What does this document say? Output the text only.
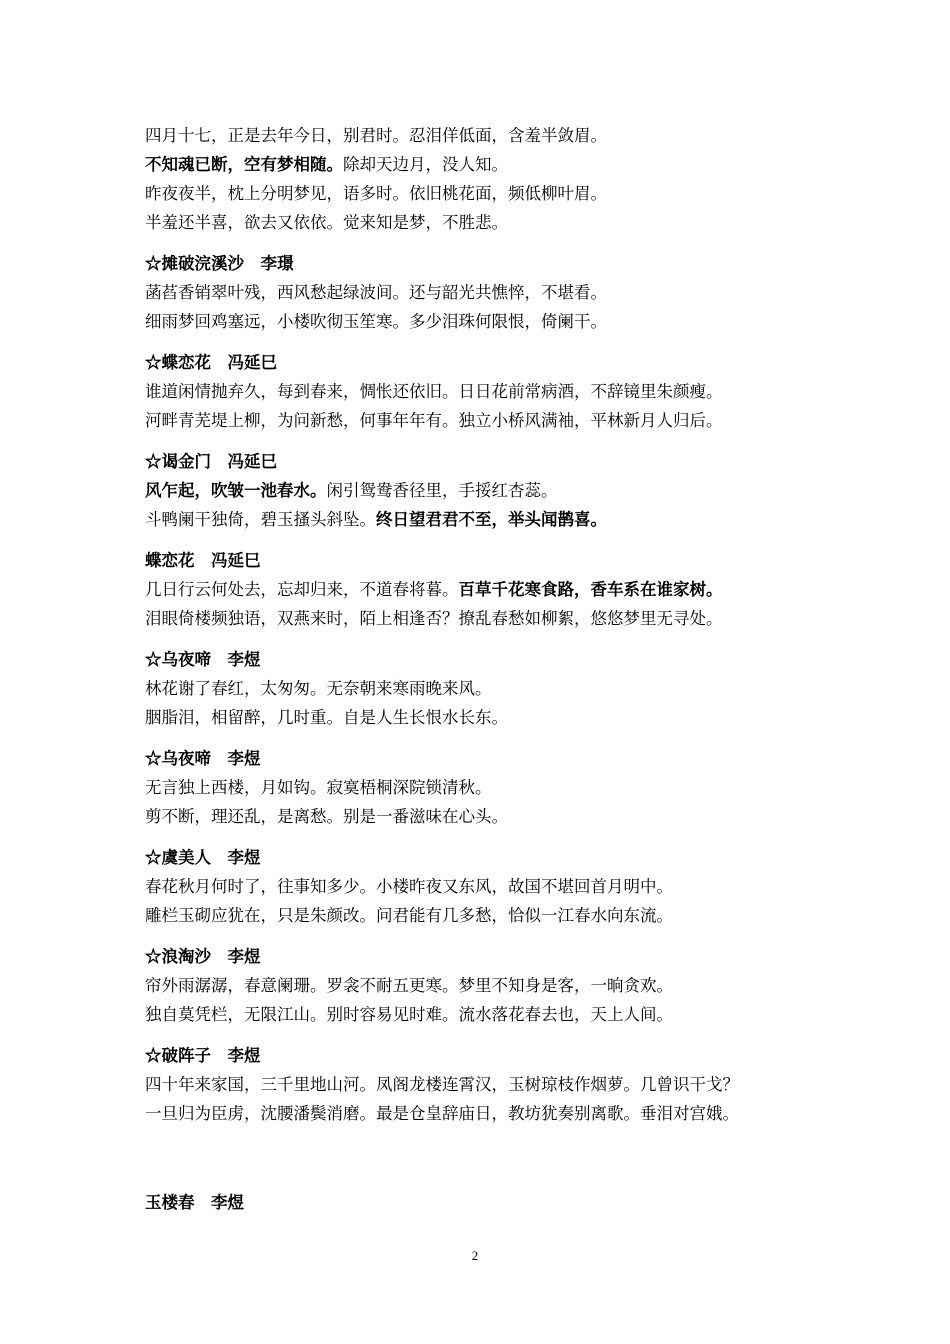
四月十七，正是去年今日，别君时。忍泪佯低面，含羞半敛眉。
不知魂已断，空有梦相随。除却天边月，没人知。
昨夜夜半，枕上分明梦见，语多时。依旧桃花面，频低柳叶眉。
半羞还半喜，欲去又依依。觉来知是梦，不胜悲。
☆摊破浣溪沙　李璟
菡萏香销翠叶残，西风愁起绿波间。还与韶光共憔悴，不堪看。
细雨梦回鸡塞远，小楼吹彻玉笙寒。多少泪珠何限恨，倚阑干。
☆蝶恋花　冯延巳
谁道闲情抛弃久，每到春来，惆怅还依旧。日日花前常病酒，不辞镜里朱颜瘦。
河畔青芜堤上柳，为问新愁，何事年年有。独立小桥风满袖，平林新月人归后。
☆谒金门　冯延巳
风乍起，吹皱一池春水。闲引鸳鸯香径里，手挼红杏蕊。
斗鸭阑干独倚，碧玉搔头斜坠。终日望君君不至，举头闻鹊喜。
蝶恋花　冯延巳
几日行云何处去，忘却归来，不道春将暮。百草千花寒食路，香车系在谁家树。
泪眼倚楼频独语，双燕来时，陌上相逢否？撩乱春愁如柳絮，悠悠梦里无寻处。
☆乌夜啼　李煜
林花谢了春红，太匆匆。无奈朝来寒雨晚来风。
胭脂泪，相留醉，几时重。自是人生长恨水长东。
☆乌夜啼　李煜
无言独上西楼，月如钩。寂寞梧桐深院锁清秋。
剪不断，理还乱，是离愁。别是一番滋味在心头。
☆虞美人　李煜
春花秋月何时了，往事知多少。小楼昨夜又东风，故国不堪回首月明中。
雕栏玉砌应犹在，只是朱颜改。问君能有几多愁，恰似一江春水向东流。
☆浪淘沙　李煜
帘外雨潺潺，春意阑珊。罗衾不耐五更寒。梦里不知身是客，一晌贪欢。
独自莫凭栏，无限江山。别时容易见时难。流水落花春去也，天上人间。
☆破阵子　李煜
四十年来家国，三千里地山河。凤阁龙楼连霄汉，玉树琼枝作烟萝。几曾识干戈？
一旦归为臣虏，沈腰潘鬓消磨。最是仓皇辞庙日，教坊犹奏别离歌。垂泪对宫娥。
玉楼春　李煜
2
